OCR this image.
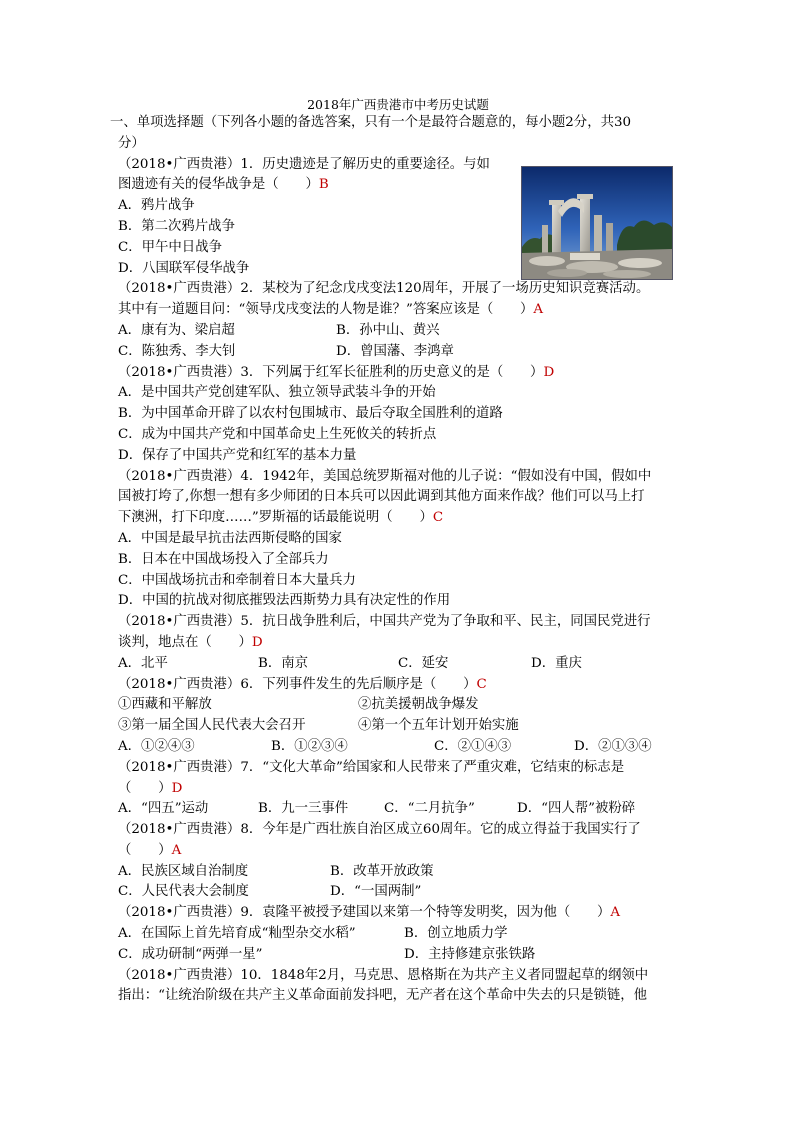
2018年广西贵港市中考历史试题
一、单项选择题（下列各小题的备选答案，只有一个是最符合题意的，每小题2分，共30
分）
（2018•广西贵港）1．历史遗迹是了解历史的重要途径。与如
图遗迹有关的侵华战争是（　　）B
A．鸦片战争
B．第二次鸦片战争
C．甲午中日战争
D．八国联军侵华战争
（2018•广西贵港）2．某校为了纪念戊戌变法120周年，开展了一场历史知识竞赛活动。
其中有一道题目问：“领导戊戌变法的人物是谁？”答案应该是（　　）A
A．康有为、梁启超	B．孙中山、黄兴
C．陈独秀、李大钊	D．曾国藩、李鸿章
（2018•广西贵港）3．下列属于红军长征胜利的历史意义的是（　　）D
A．是中国共产党创建军队、独立领导武装斗争的开始
B．为中国革命开辟了以农村包围城市、最后夺取全国胜利的道路
C．成为中国共产党和中国革命史上生死攸关的转折点
D．保存了中国共产党和红军的基本力量
（2018•广西贵港）4．1942年，美国总统罗斯福对他的儿子说：“假如没有中国，假如中
国被打垮了,你想一想有多少师团的日本兵可以因此调到其他方面来作战？他们可以马上打
下澳洲，打下印度……”罗斯福的话最能说明（　　）C
A．中国是最早抗击法西斯侵略的国家
B．日本在中国战场投入了全部兵力
C．中国战场抗击和牵制着日本大量兵力
D．中国的抗战对彻底摧毁法西斯势力具有决定性的作用
（2018•广西贵港）5．抗日战争胜利后，中国共产党为了争取和平、民主，同国民党进行
谈判，地点在（　　）D
A．北平	B．南京	C．延安	D．重庆
（2018•广西贵港）6．下列事件发生的先后顺序是（　　）C
①西藏和平解放	②抗美援朝战争爆发
③第一届全国人民代表大会召开	④第一个五年计划开始实施
A．①②④③	B．①②③④	C．②①④③	D．②①③④
（2018•广西贵港）7．“文化大革命”给国家和人民带来了严重灾难，它结束的标志是
（　　）D
A．“四五”运动	B．九一三事件	C．“二月抗争”	D．“四人帮”被粉碎
（2018•广西贵港）8．今年是广西壮族自治区成立60周年。它的成立得益于我国实行了
（　　）A
A．民族区域自治制度	B．改革开放政策
C．人民代表大会制度	D．“一国两制”
（2018•广西贵港）9．袁隆平被授予建国以来第一个特等发明奖，因为他（　　）A
A．在国际上首先培育成“籼型杂交水稻”	B．创立地质力学
C．成功研制“两弹一星”	D．主持修建京张铁路
（2018•广西贵港）10．1848年2月，马克思、恩格斯在为共产主义者同盟起草的纲领中
指出：“让统治阶级在共产主义革命面前发抖吧，无产者在这个革命中失去的只是锁链，他
